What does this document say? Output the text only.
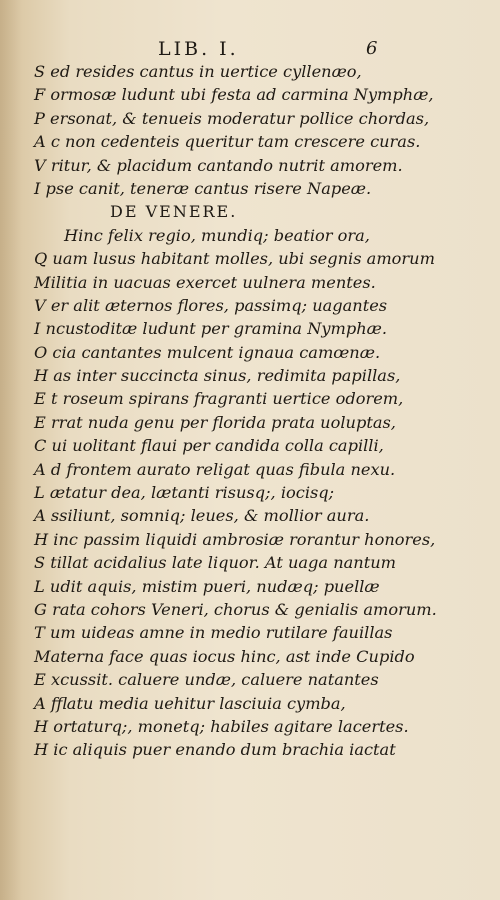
LIB. I.	6
S ed resides cantus in uertice cyllenæo,
F ormosæ ludunt ubi festa ad carmina Nymphæ,
P ersonat, & tenueis moderatur pollice chordas,
A c non cedenteis queritur tam crescere curas.
V ritur, & placidum cantando nutrit amorem.
I pse canit, teneræ cantus risere Napeæ.
DE VENERE.
Hinc felix regio, mundiq; beatior ora,
Q uam lusus habitant molles, ubi segnis amorum
Militia in uacuas exercet uulnera mentes.
V er alit æternos flores, passimq; uagantes
I ncustoditæ ludunt per gramina Nymphæ.
O cia cantantes mulcent ignaua camœnæ.
H as inter succincta sinus, redimita papillas,
E t roseum spirans fragranti uertice odorem,
E rrat nuda genu per florida prata uoluptas,
C ui uolitant flaui per candida colla capilli,
A d frontem aurato religat quas fibula nexu.
L ætatur dea, lætanti risusq;, iocisq;
A ssiliunt, somniq; leues, & mollior aura.
H inc passim liquidi ambrosiæ rorantur honores,
S tillat acidalius late liquor. At uaga nantum
L udit aquis, mistim pueri, nudæq; puellæ
G rata cohors Veneri, chorus & genialis amorum.
T um uideas amne in medio rutilare fauillas
Materna face quas iocus hinc, ast inde Cupido
E xcussit. caluere undæ, caluere natantes
A fflatu media uehitur lasciuia cymba,
H ortaturq;, monetq; habiles agitare lacertes.
H ic aliquis puer enando dum brachia iactat
